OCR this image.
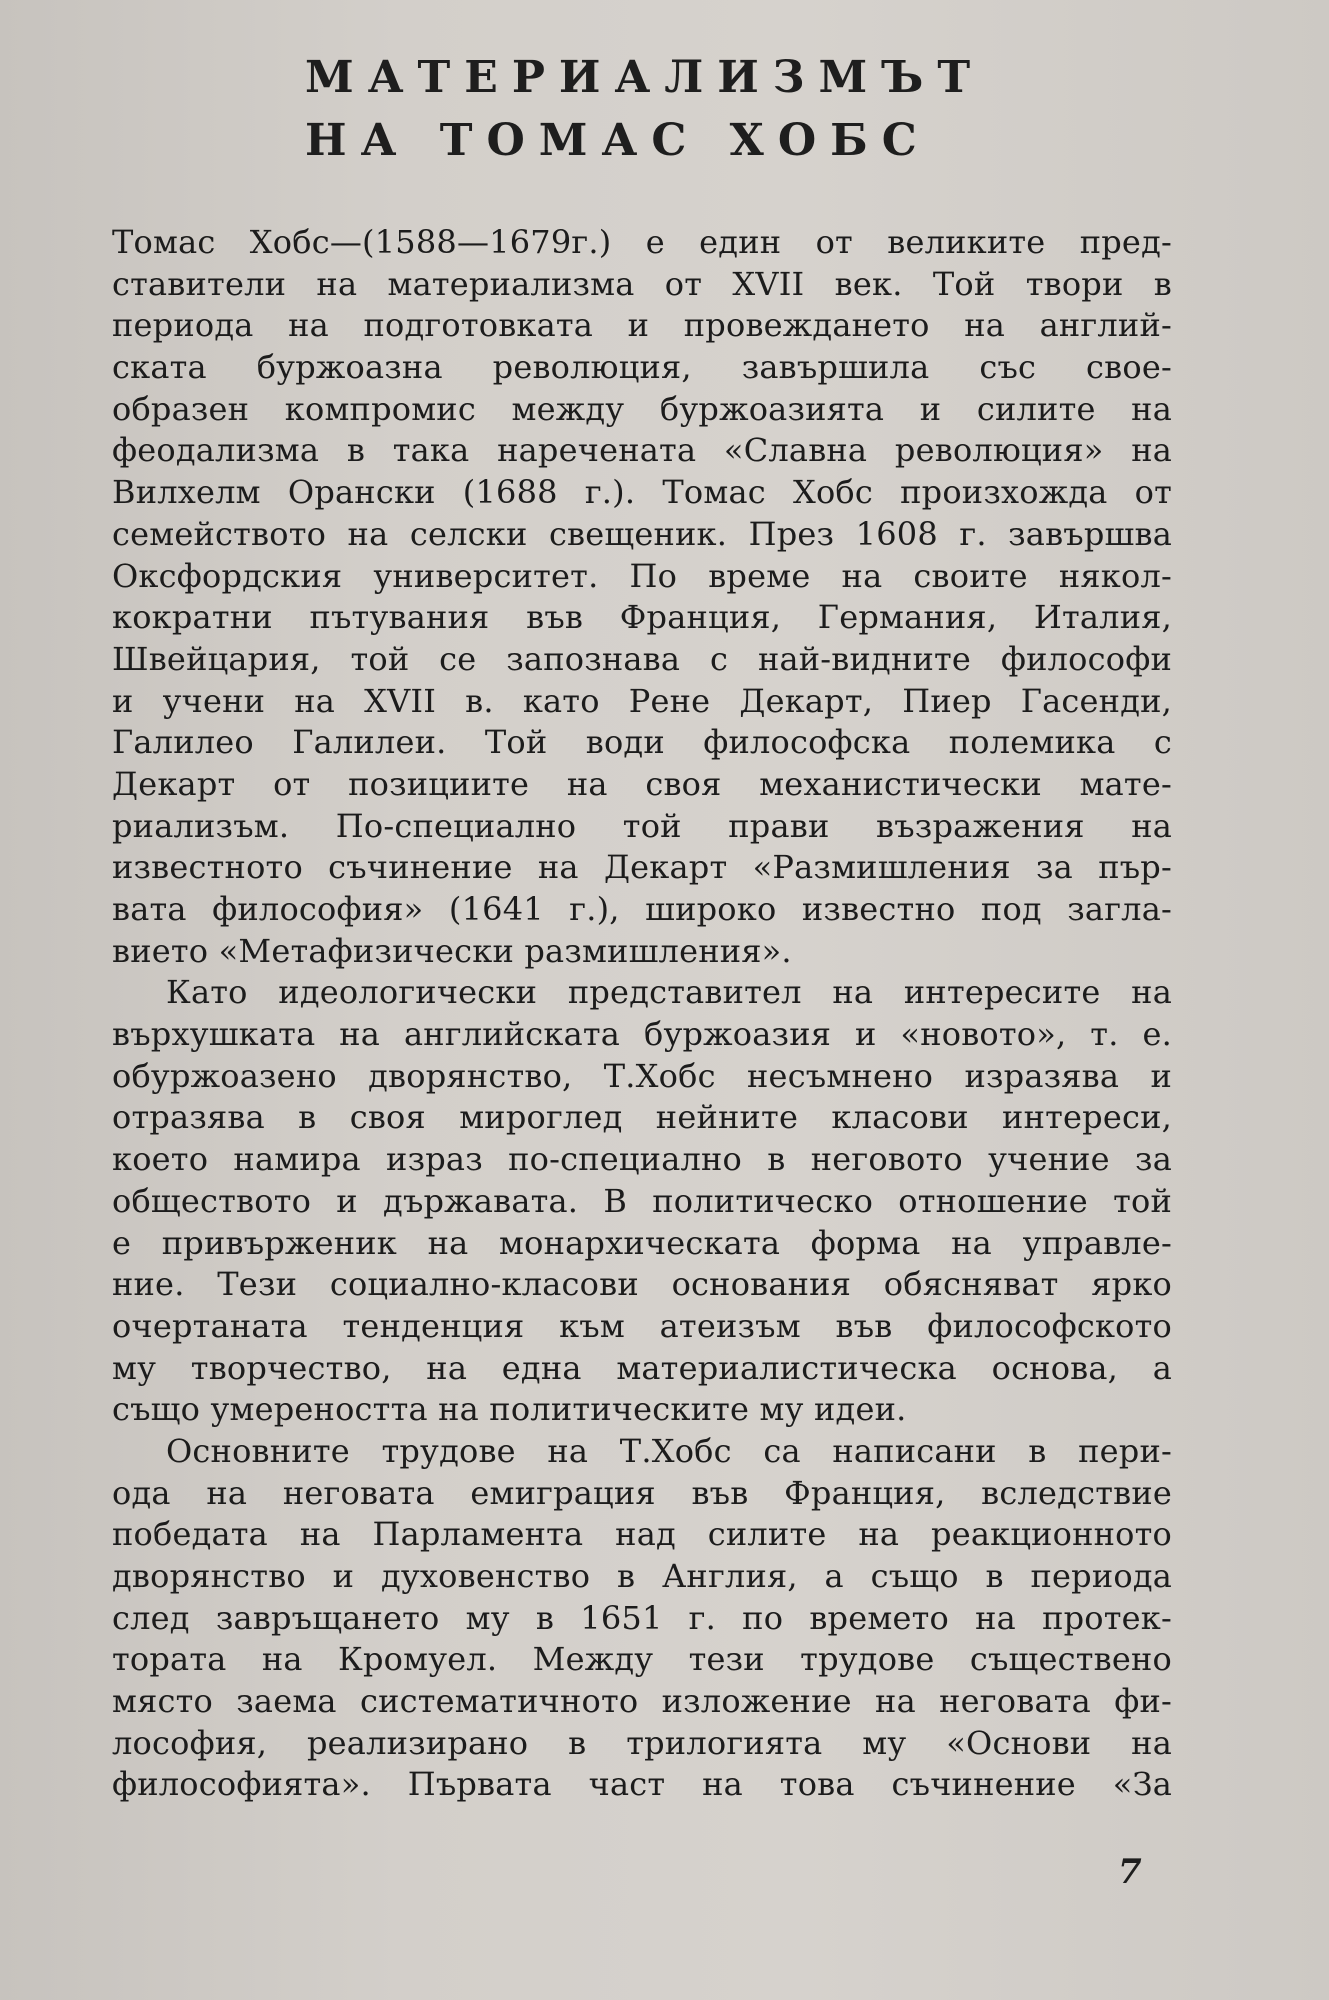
МАТЕРИАЛИЗМЪТ
НА ТОМАС ХОБС
Томас Хобс—(1588—1679г.) е един от великите пред-
ставители на материализма от XVII век. Той твори в
периода на подготовката и провеждането на англий-
ската буржоазна революция, завършила със свое-
образен компромис между буржоазията и силите на
феодализма в така наречената «Славна революция» на
Вилхелм Орански (1688 г.). Томас Хобс произхожда от
семейството на селски свещеник. През 1608 г. завършва
Оксфордския университет. По време на своите някол-
кократни пътувания във Франция, Германия, Италия,
Швейцария, той се запознава с най-видните философи
и учени на XVII в. като Рене Декарт, Пиер Гасенди,
Галилео Галилеи. Той води философска полемика с
Декарт от позициите на своя механистически мате-
риализъм. По-специално той прави възражения на
известното съчинение на Декарт «Размишления за пър-
вата философия» (1641 г.), широко известно под загла-
вието «Метафизически размишления».
Като идеологически представител на интересите на
върхушката на английската буржоазия и «новото», т. е.
обуржоазено дворянство, Т.Хобс несъмнено изразява и
отразява в своя мироглед нейните класови интереси,
което намира израз по-специално в неговото учение за
обществото и държавата. В политическо отношение той
е привърженик на монархическата форма на управле-
ние. Тези социално-класови основания обясняват ярко
очертаната тенденция към атеизъм във философското
му творчество, на една материалистическа основа, а
също умереността на политическите му идеи.
Основните трудове на Т.Хобс са написани в пери-
ода на неговата емиграция във Франция, вследствие
победата на Парламента над силите на реакционното
дворянство и духовенство в Англия, а също в периода
след завръщането му в 1651 г. по времето на протек-
тората на Кромуел. Между тези трудове съществено
място заема систематичното изложение на неговата фи-
лософия, реализирано в трилогията му «Основи на
философията». Първата част на това съчинение «За
7
